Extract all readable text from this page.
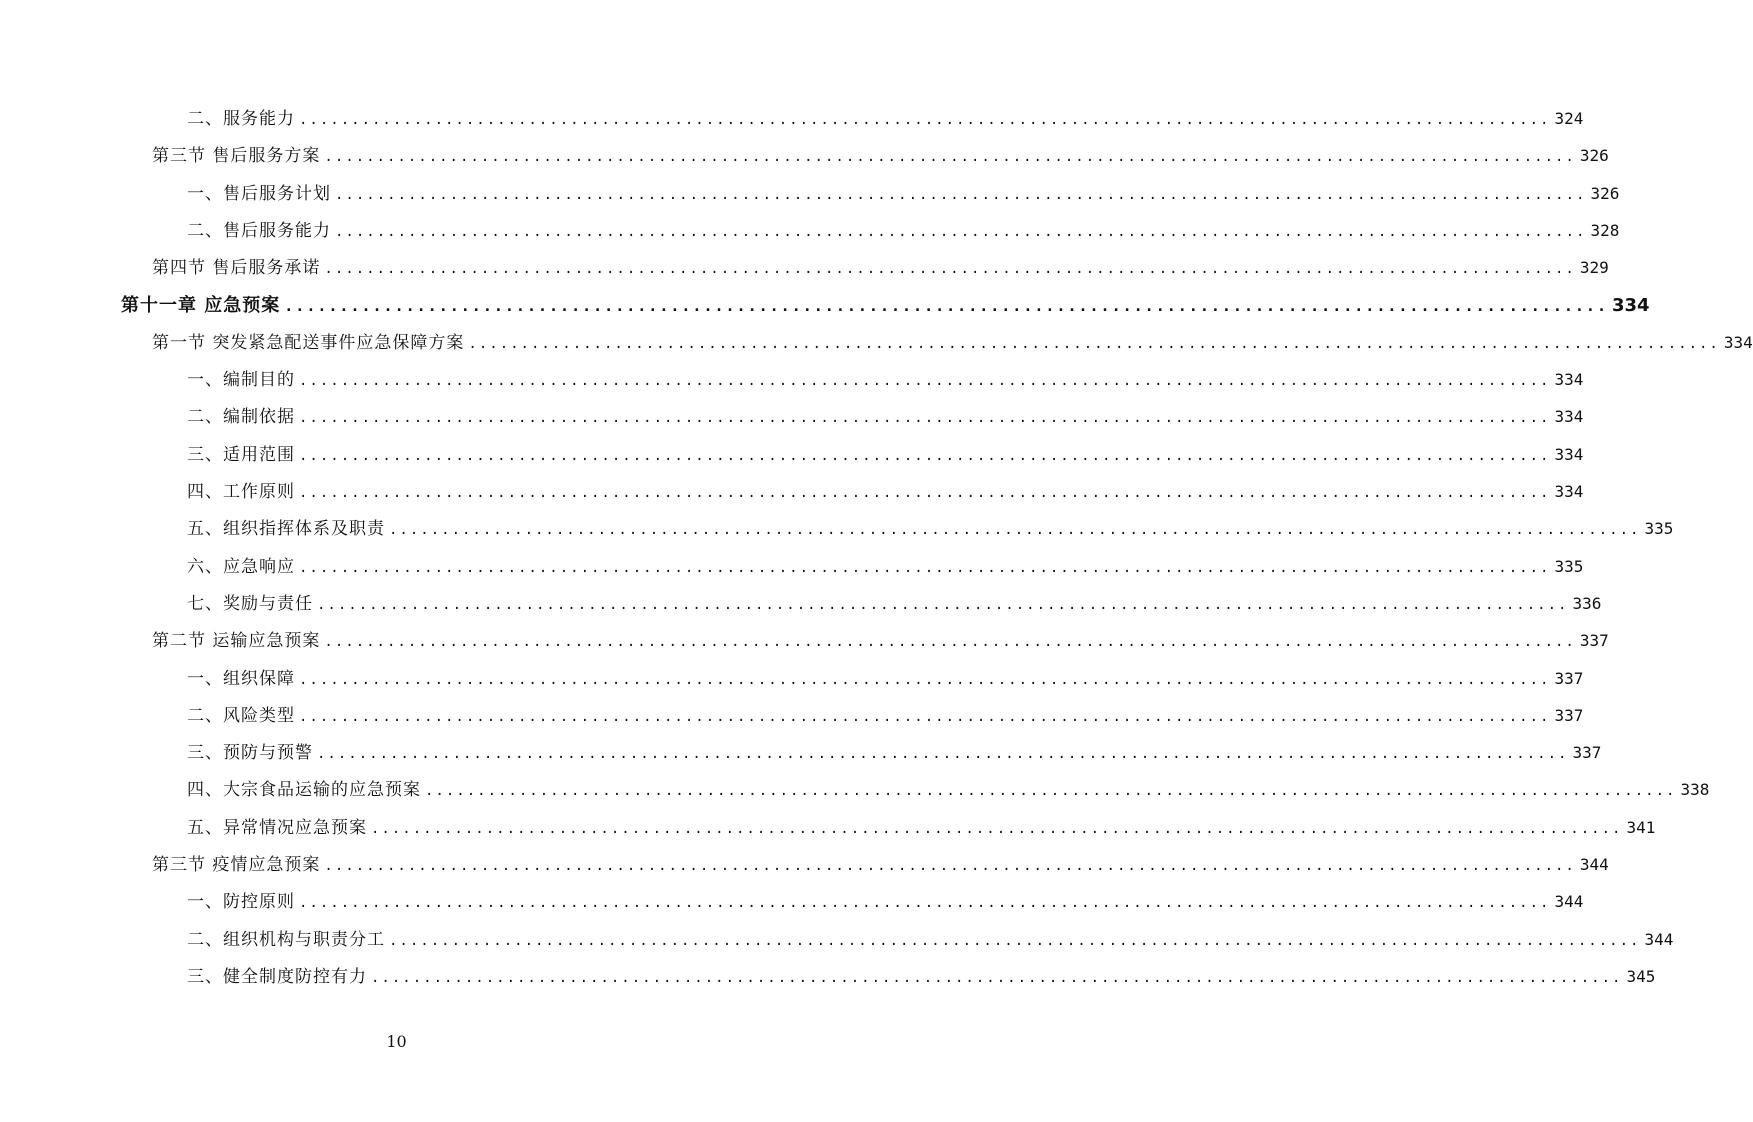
二、服务能力 ........................................................................................................................ 324
第三节 售后服务方案 ........................................................................................................................ 326
一、售后服务计划 ........................................................................................................................ 326
二、售后服务能力 ........................................................................................................................ 328
第四节 售后服务承诺 ........................................................................................................................ 329
第十一章 应急预案 ........................................................................................................................ 334
第一节 突发紧急配送事件应急保障方案 ........................................................................................................................ 334
一、编制目的 ........................................................................................................................ 334
二、编制依据 ........................................................................................................................ 334
三、适用范围 ........................................................................................................................ 334
四、工作原则 ........................................................................................................................ 334
五、组织指挥体系及职责 ........................................................................................................................ 335
六、应急响应 ........................................................................................................................ 335
七、奖励与责任 ........................................................................................................................ 336
第二节 运输应急预案 ........................................................................................................................ 337
一、组织保障 ........................................................................................................................ 337
二、风险类型 ........................................................................................................................ 337
三、预防与预警 ........................................................................................................................ 337
四、大宗食品运输的应急预案 ........................................................................................................................ 338
五、异常情况应急预案 ........................................................................................................................ 341
第三节 疫情应急预案 ........................................................................................................................ 344
一、防控原则 ........................................................................................................................ 344
二、组织机构与职责分工 ........................................................................................................................ 344
三、健全制度防控有力 ........................................................................................................................ 345
10
